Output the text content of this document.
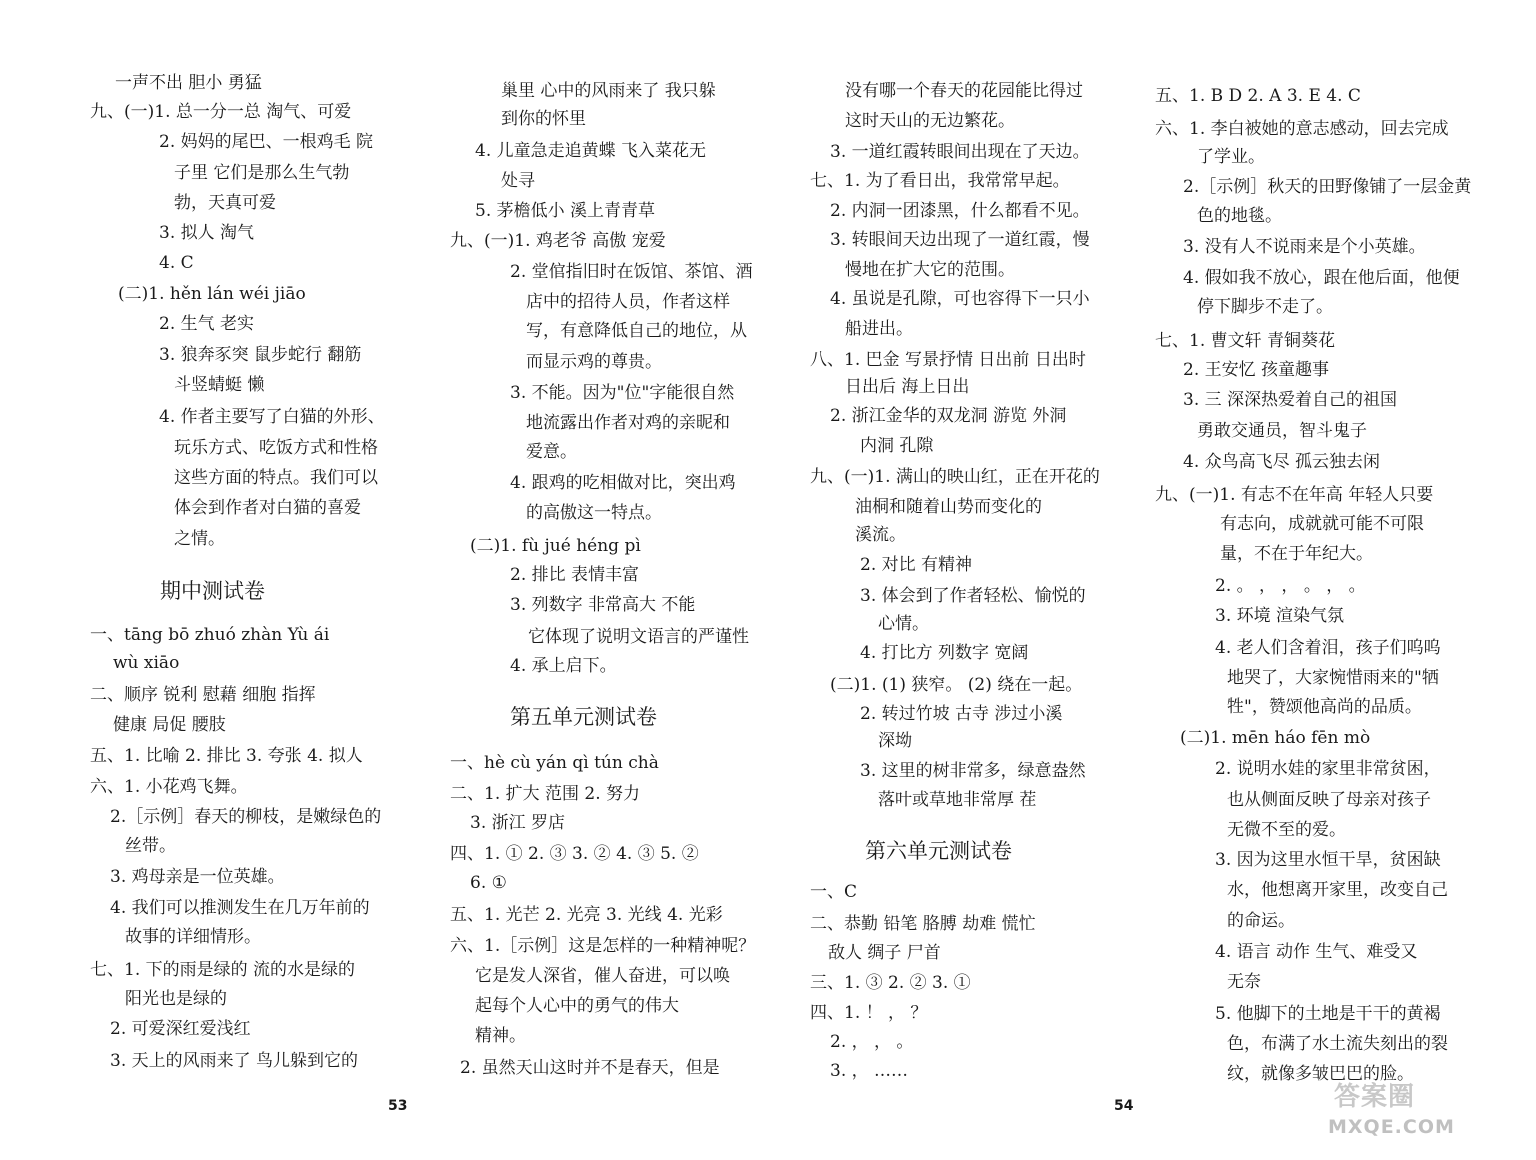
一声不出 胆小 勇猛
九、(一)1. 总一分一总 淘气、可爱
2. 妈妈的尾巴、一根鸡毛 院
子里 它们是那么生气勃
勃，天真可爱
3. 拟人 淘气
4. C
(二)1. hěn lán wéi jiāo
2. 生气 老实
3. 狼奔豕突 鼠步蛇行 翻筋
斗竖蜻蜓 懒
4. 作者主要写了白猫的外形、
玩乐方式、吃饭方式和性格
这些方面的特点。我们可以
体会到作者对白猫的喜爱
之情。
期中测试卷
一、tāng bō zhuó zhàn Yù ái
wù xiāo
二、顺序 锐利 慰藉 细胞 指挥
健康 局促 腰肢
五、1. 比喻 2. 排比 3. 夸张 4. 拟人
六、1. 小花鸡飞舞。
2.［示例］春天的柳枝，是嫩绿色的
丝带。
3. 鸡母亲是一位英雄。
4. 我们可以推测发生在几万年前的
故事的详细情形。
七、1. 下的雨是绿的 流的水是绿的
阳光也是绿的
2. 可爱深红爱浅红
3. 天上的风雨来了 鸟儿躲到它的
巢里 心中的风雨来了 我只躲
到你的怀里
4. 儿童急走追黄蝶 飞入菜花无
处寻
5. 茅檐低小 溪上青青草
九、(一)1. 鸡老爷 高傲 宠爱
2. 堂倌指旧时在饭馆、茶馆、酒
店中的招待人员，作者这样
写，有意降低自己的地位，从
而显示鸡的尊贵。
3. 不能。因为"位"字能很自然
地流露出作者对鸡的亲昵和
爱意。
4. 跟鸡的吃相做对比，突出鸡
的高傲这一特点。
(二)1. fù jué héng pì
2. 排比 表情丰富
3. 列数字 非常高大 不能
它体现了说明文语言的严谨性
4. 承上启下。
第五单元测试卷
一、hè cù yán qì tún chà
二、1. 扩大 范围 2. 努力
3. 浙江 罗店
四、1. ① 2. ③ 3. ② 4. ③ 5. ②
6. ①
五、1. 光芒 2. 光亮 3. 光线 4. 光彩
六、1.［示例］这是怎样的一种精神呢？
它是发人深省，催人奋进，可以唤
起每个人心中的勇气的伟大
精神。
2. 虽然天山这时并不是春天，但是
没有哪一个春天的花园能比得过
这时天山的无边繁花。
3. 一道红霞转眼间出现在了天边。
七、1. 为了看日出，我常常早起。
2. 内洞一团漆黑，什么都看不见。
3. 转眼间天边出现了一道红霞，慢
慢地在扩大它的范围。
4. 虽说是孔隙，可也容得下一只小
船进出。
八、1. 巴金 写景抒情 日出前 日出时
日出后 海上日出
2. 浙江金华的双龙洞 游览 外洞
内洞 孔隙
九、(一)1. 满山的映山红，正在开花的
油桐和随着山势而变化的
溪流。
2. 对比 有精神
3. 体会到了作者轻松、愉悦的
心情。
4. 打比方 列数字 宽阔
(二)1. (1) 狭窄。 (2) 绕在一起。
2. 转过竹坡 古寺 涉过小溪
深坳
3. 这里的树非常多，绿意盎然
落叶或草地非常厚 茬
第六单元测试卷
一、C
二、恭勤 铅笔 胳膊 劫难 慌忙
敌人 绸子 尸首
三、1. ③ 2. ② 3. ①
四、1. ！ ， ？
2. ， ， 。
3. ， ……
五、1. B D 2. A 3. E 4. C
六、1. 李白被她的意志感动，回去完成
了学业。
2.［示例］秋天的田野像铺了一层金黄
色的地毯。
3. 没有人不说雨来是个小英雄。
4. 假如我不放心，跟在他后面，他便
停下脚步不走了。
七、1. 曹文轩 青铜葵花
2. 王安忆 孩童趣事
3. 三 深深热爱着自己的祖国
勇敢交通员，智斗鬼子
4. 众鸟高飞尽 孤云独去闲
九、(一)1. 有志不在年高 年轻人只要
有志向，成就就可能不可限
量，不在于年纪大。
2. 。 ， ， 。 ， 。
3. 环境 渲染气氛
4. 老人们含着泪，孩子们呜呜
地哭了，大家惋惜雨来的"牺
牲"，赞颂他高尚的品质。
(二)1. mēn háo fēn mò
2. 说明水娃的家里非常贫困，
也从侧面反映了母亲对孩子
无微不至的爱。
3. 因为这里水恒干旱，贫困缺
水，他想离开家里，改变自己
的命运。
4. 语言 动作 生气、难受又
无奈
5. 他脚下的土地是干干的黄褐
色，布满了水土流失刻出的裂
纹，就像多皱巴巴的脸。
53	54	答案圈
MXQE.COM
